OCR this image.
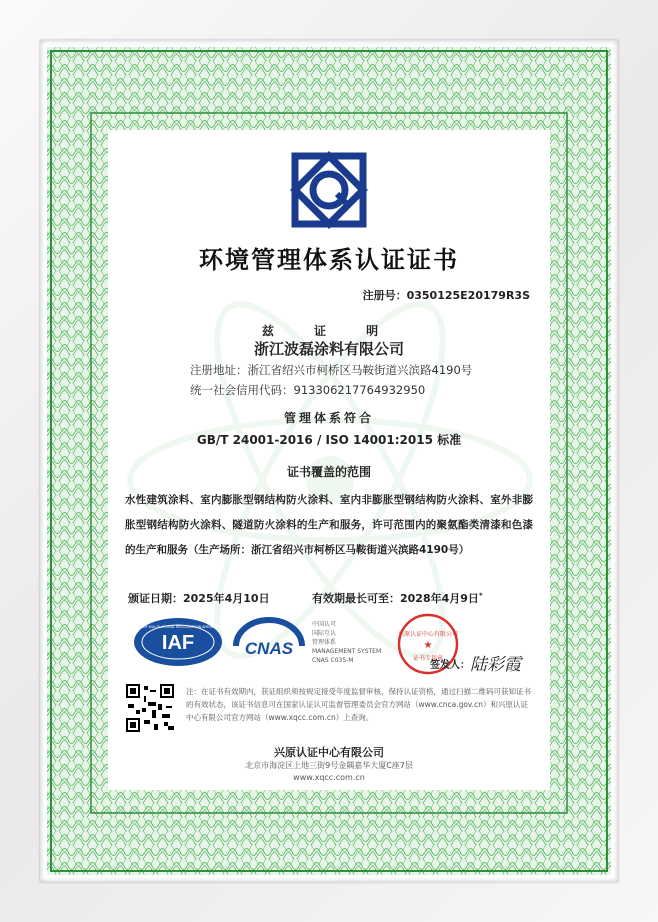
环境管理体系认证证书
注册号：0350125E20179R3S
兹 证 明
浙江波磊涂料有限公司
注册地址：浙江省绍兴市柯桥区马鞍街道兴滨路4190号
统一社会信用代码：913306217764932950
管理体系符合
GB/T 24001-2016 / ISO 14001:2015 标准
证书覆盖的范围
水性建筑涂料、室内膨胀型钢结构防火涂料、室内非膨胀型钢结构防火涂料、室外非膨胀型钢结构防火涂料、隧道防火涂料的生产和服务，许可范围内的聚氨酯类清漆和色漆的生产和服务（生产场所：浙江省绍兴市柯桥区马鞍街道兴滨路4190号）
颁证日期：2025年4月10日	有效期最长可至：2028年4月9日*
IAF
MEMBER OF MULTILATERAL RECOGNITION ARRANGEMENT
CNAS
中国认可
国际互认
管理体系
MANAGEMENT SYSTEM
CNAS C035-M
兴原认证中心有限公司
★
证书专用章
签发人： 陆彩霞
注：在证书有效期内，获证组织须按规定接受年度监督审核，保持认证资格，通过扫描二维码可获知证书的有效状态，该证书信息可在国家认证认可监督管理委员会官方网站（www.cnca.gov.cn）和兴原认证中心有限公司官方网站（www.xqcc.com.cn）上查询。
兴原认证中心有限公司
北京市海淀区上地三街9号金隅嘉华大厦C座7层
www.xqcc.com.cn
